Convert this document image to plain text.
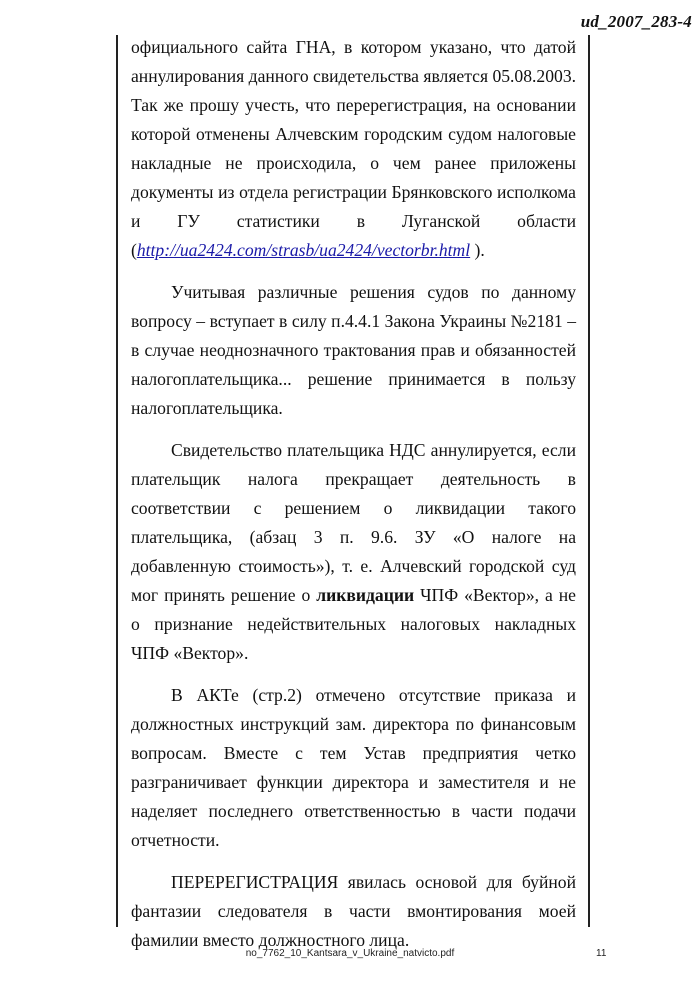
ud_2007_283-4

официального сайта ГНА, в котором указано, что датой аннулирования данного свидетельства является 05.08.2003. Так же прошу учесть, что перерегистрация, на основании которой отменены Алчевским городским судом налоговые накладные не происходила, о чем ранее приложены документы из отдела регистрации Брянковского исполкома и ГУ статистики в Луганской области (http://ua2424.com/strasb/ua2424/vectorbr.html ).

Учитывая различные решения судов по данному вопросу – вступает в силу п.4.4.1 Закона Украины №2181 – в случае неоднозначного трактования прав и обязанностей налогоплательщика... решение принимается в пользу налогоплательщика.

Свидетельство плательщика НДС аннулируется, если плательщик налога прекращает деятельность в соответствии с решением о ликвидации такого плательщика, (абзац 3 п. 9.6. ЗУ «О налоге на добавленную стоимость»), т. е. Алчевский городской суд мог принять решение о ликвидации ЧПФ «Вектор», а не о признание недействительных налоговых накладных ЧПФ «Вектор».

В АКТе (стр.2) отмечено отсутствие приказа и должностных инструкций зам. директора по финансовым вопросам. Вместе с тем Устав предприятия четко разграничивает функции директора и заместителя и не наделяет последнего ответственностью в части подачи отчетности.

ПЕРЕРЕГИСТРАЦИЯ явилась основой для буйной фантазии следователя в части вмонтирования моей фамилии вместо должностного лица.

no_7762_10_Kantsara_v_Ukraine_natvicto.pdf	11
